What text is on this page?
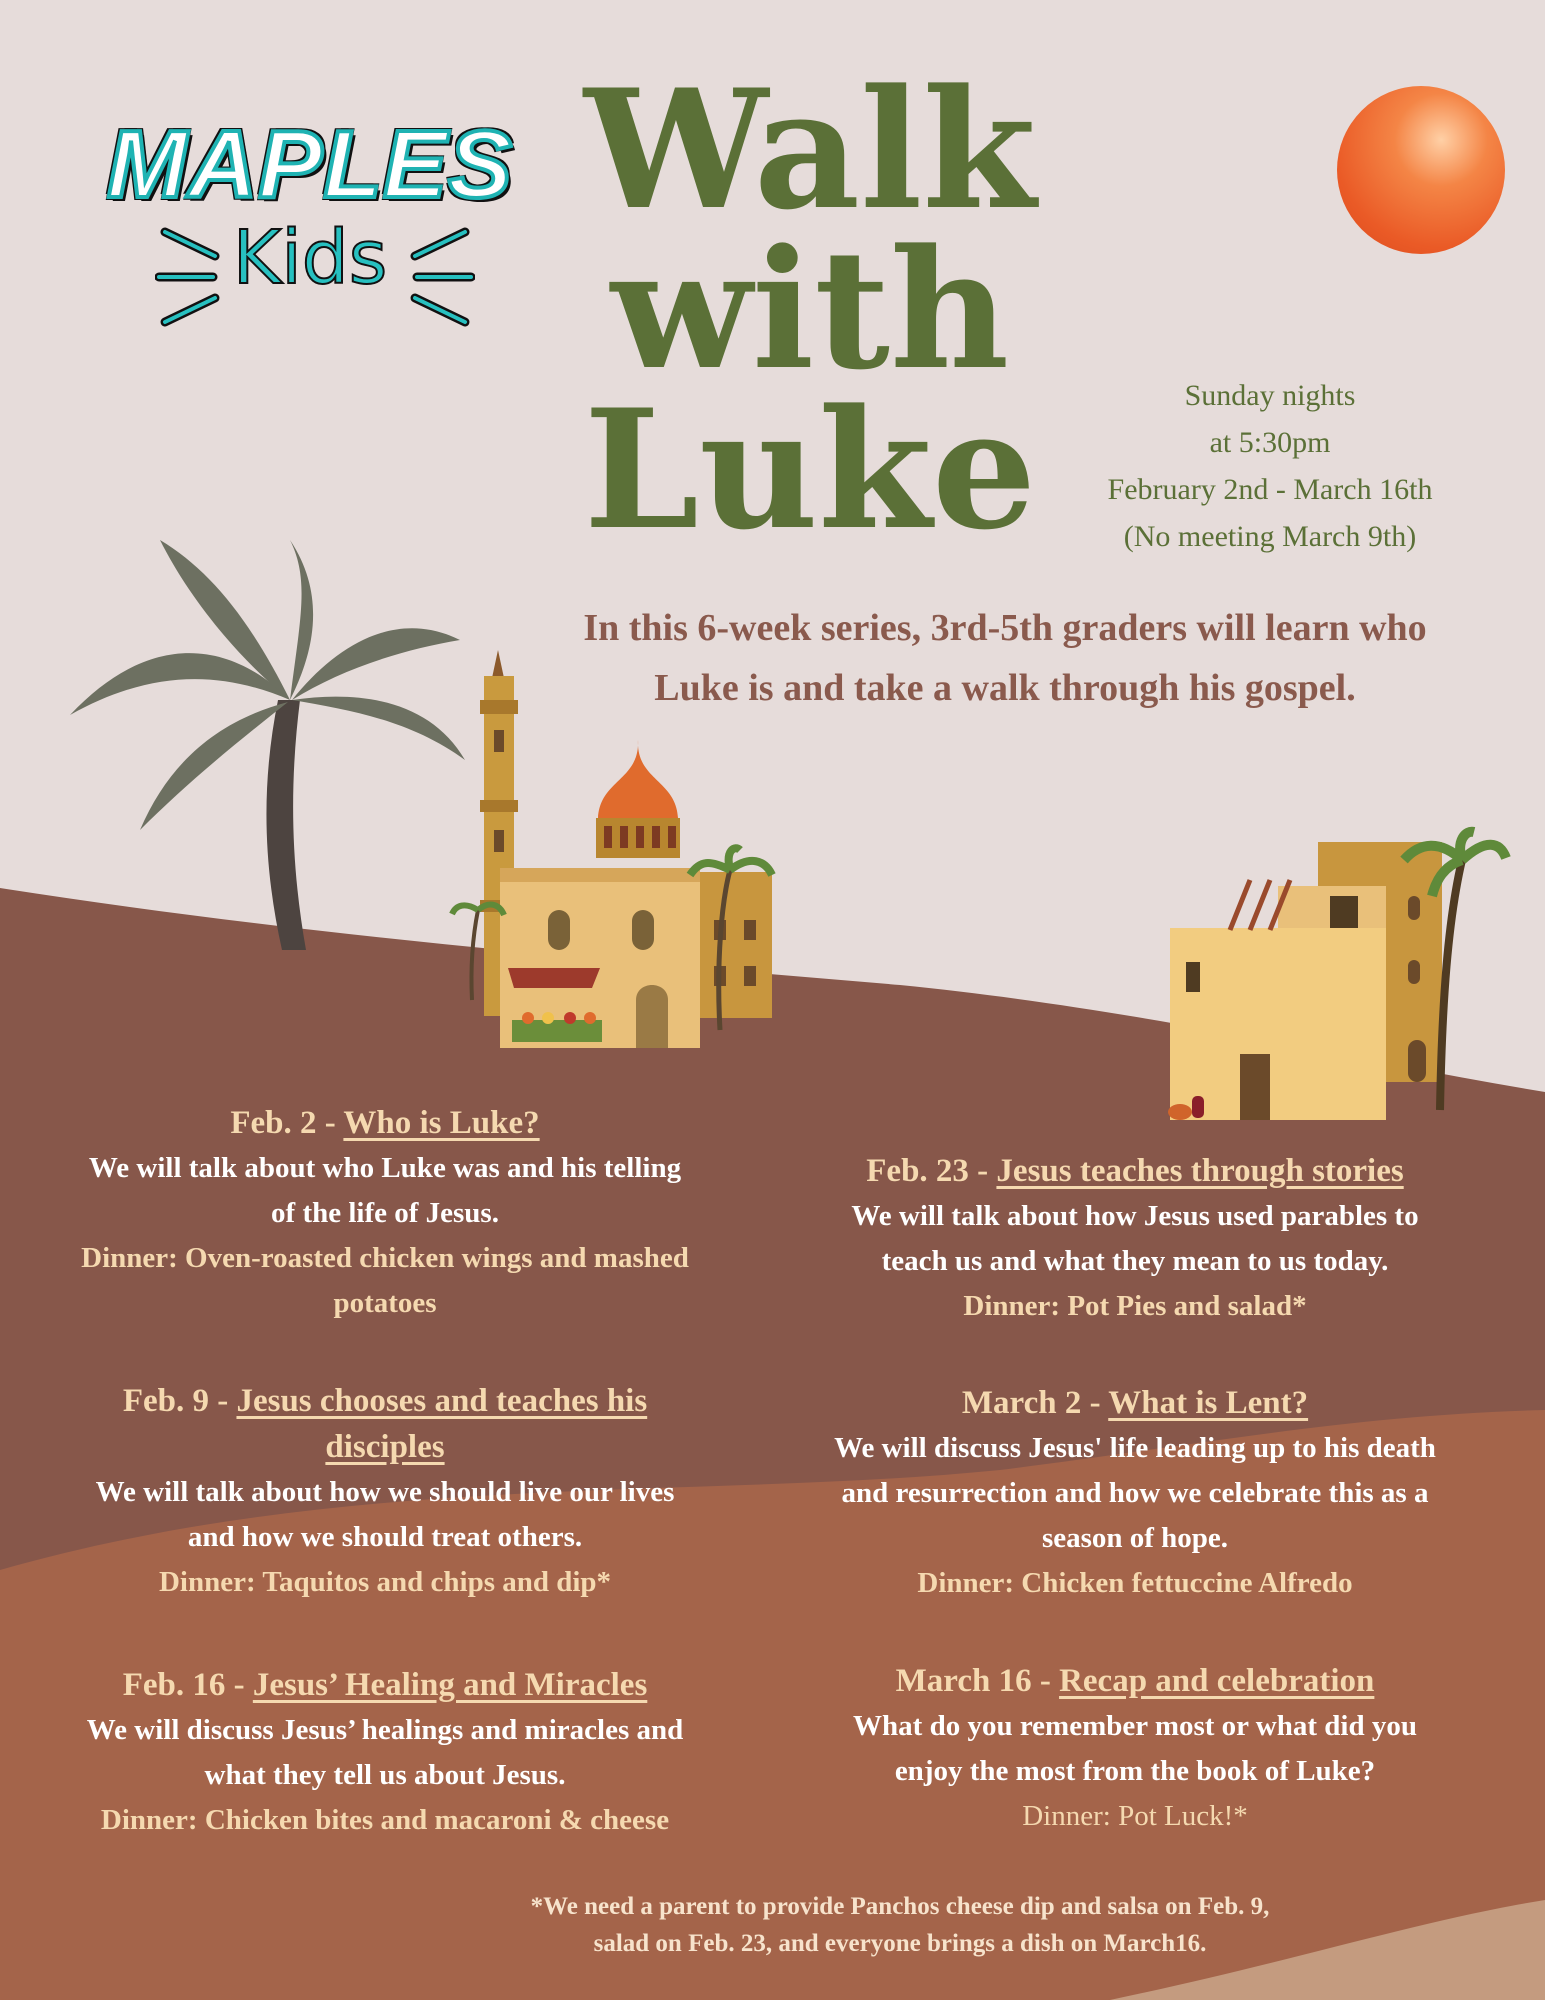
MAPLES
Kids
Walk
with
Luke	Sunday nights
at 5:30pm
February 2nd - March 16th
(No meeting March 9th)
In this 6-week series, 3rd-5th graders will learn who Luke is and take a walk through his gospel.
Feb. 2 - Who is Luke?
We will talk about who Luke was and his telling of the life of Jesus.
Dinner: Oven-roasted chicken wings and mashed potatoes
Feb. 9 - Jesus chooses and teaches his disciples
We will talk about how we should live our lives and how we should treat others.
Dinner: Taquitos and chips and dip*
Feb. 16 - Jesus’ Healing and Miracles
We will discuss Jesus’ healings and miracles and what they tell us about Jesus.
Dinner: Chicken bites and macaroni & cheese
Feb. 23 - Jesus teaches through stories
We will talk about how Jesus used parables to teach us and what they mean to us today.
Dinner: Pot Pies and salad*
March 2 - What is Lent?
We will discuss Jesus' life leading up to his death and resurrection and how we celebrate this as a season of hope.
Dinner: Chicken fettuccine Alfredo
March 16 - Recap and celebration
What do you remember most or what did you enjoy the most from the book of Luke?
Dinner: Pot Luck!*
*We need a parent to provide Panchos cheese dip and salsa on Feb. 9, salad on Feb. 23, and everyone brings a dish on March16.
